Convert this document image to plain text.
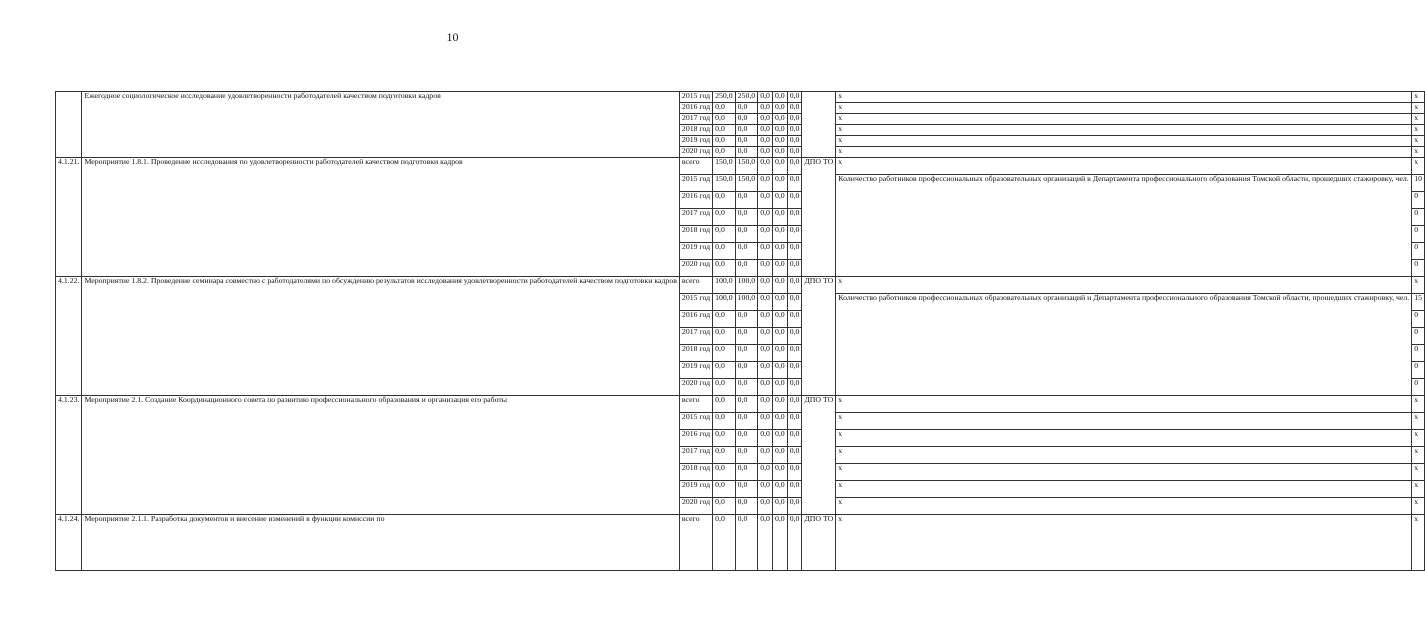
10
	Ежегодное социологическое исследование удовлетворенности работодателей качеством подготовки кадров	2015 год	250,0	250,0	0,0	0,0	0,0		x	x
		2016 год	0,0	0,0	0,0	0,0	0,0		x	x
		2017 год	0,0	0,0	0,0	0,0	0,0		x	x
		2018 год	0,0	0,0	0,0	0,0	0,0		x	x
		2019 год	0,0	0,0	0,0	0,0	0,0		x	x
		2020 год	0,0	0,0	0,0	0,0	0,0		x	x
4.1.21.	Мероприятие 1.8.1. Проведение исследования по удовлетворенности работодателей качеством подготовки кадров	всего	150,0	150,0	0,0	0,0	0,0	ДПО ТО	x	x
		2015 год	150,0	150,0	0,0	0,0	0,0		Количество работников профессиональных образовательных организаций в Департамента профессионального образования Томской области, прошедших стажировку, чел.	10
		2016 год	0,0	0,0	0,0	0,0	0,0			0
		2017 год	0,0	0,0	0,0	0,0	0,0			0
		2018 год	0,0	0,0	0,0	0,0	0,0			0
		2019 год	0,0	0,0	0,0	0,0	0,0			0
		2020 год	0,0	0,0	0,0	0,0	0,0			0
4.1.22.	Мероприятие 1.8.2. Проведение семинара совместно с работодателями по обсуждению результатов исследования удовлетворенности работодателей качеством подготовки кадров	всего	100,0	100,0	0,0	0,0	0,0	ДПО ТО	x	x
		2015 год	100,0	100,0	0,0	0,0	0,0		Количество работников профессиональных образовательных организаций и Департамента профессионального образования Томской области, прошедших стажировку, чел.	15
		2016 год	0,0	0,0	0,0	0,0	0,0			0
		2017 год	0,0	0,0	0,0	0,0	0,0			0
		2018 год	0,0	0,0	0,0	0,0	0,0			0
		2019 год	0,0	0,0	0,0	0,0	0,0			0
		2020 год	0,0	0,0	0,0	0,0	0,0			0
4.1.23.	Мероприятие 2.1. Создание Координационного совета по развитию профессионального образования и организация его работы	всего	0,0	0,0	0,0	0,0	0,0	ДПО ТО	x	x
		2015 год	0,0	0,0	0,0	0,0	0,0		x	x
		2016 год	0,0	0,0	0,0	0,0	0,0		x	x
		2017 год	0,0	0,0	0,0	0,0	0,0		x	x
		2018 год	0,0	0,0	0,0	0,0	0,0		x	x
		2019 год	0,0	0,0	0,0	0,0	0,0		x	x
		2020 год	0,0	0,0	0,0	0,0	0,0		x	x
4.1.24.	Мероприятие 2.1.1. Разработка документов и внесение изменений в функции комиссии по	всего	0,0	0,0	0,0	0,0	0,0	ДПО ТО	x	x
